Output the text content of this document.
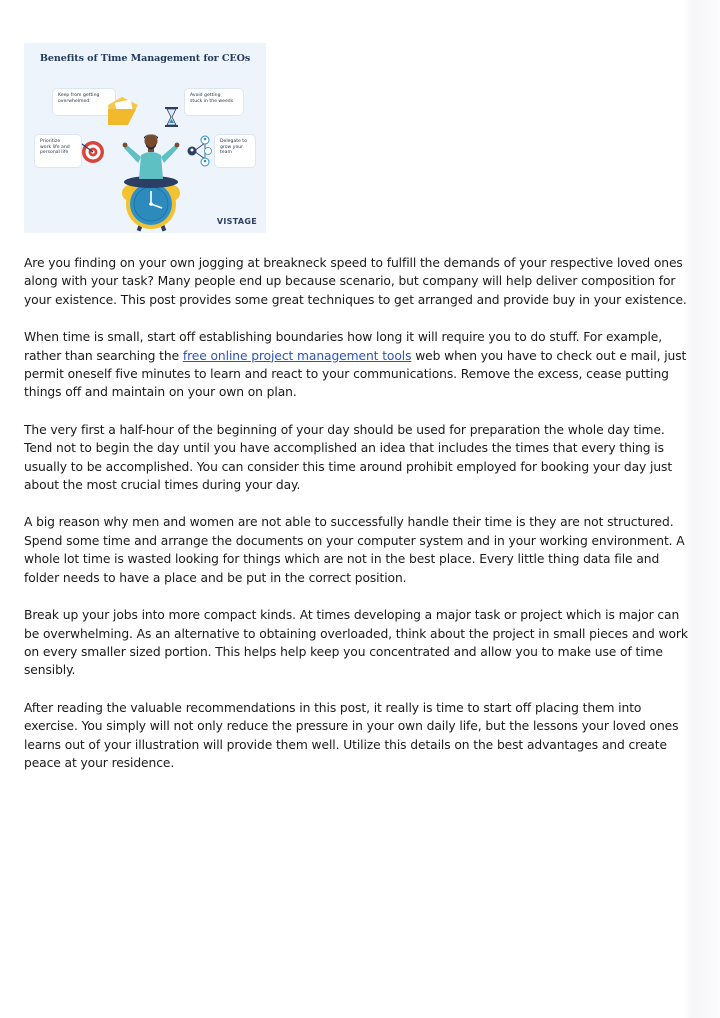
Benefits of Time Management for CEOs
Keep from getting
overwhelmed
Avoid getting
stuck in the weeds
Prioritize
work life and
personal life
Delegate to
grow your
team
VISTAGE

Are you finding on your own jogging at breakneck speed to fulfill the demands of your respective loved ones along with your task? Many people end up because scenario, but company will help deliver composition for your existence. This post provides some great techniques to get arranged and provide buy in your existence.

When time is small, start off establishing boundaries how long it will require you to do stuff. For example, rather than searching the free online project management tools web when you have to check out e mail, just permit oneself five minutes to learn and react to your communications. Remove the excess, cease putting things off and maintain on your own on plan.

The very first a half-hour of the beginning of your day should be used for preparation the whole day time. Tend not to begin the day until you have accomplished an idea that includes the times that every thing is usually to be accomplished. You can consider this time around prohibit employed for booking your day just about the most crucial times during your day.

A big reason why men and women are not able to successfully handle their time is they are not structured. Spend some time and arrange the documents on your computer system and in your working environment. A whole lot time is wasted looking for things which are not in the best place. Every little thing data file and folder needs to have a place and be put in the correct position.

Break up your jobs into more compact kinds. At times developing a major task or project which is major can be overwhelming. As an alternative to obtaining overloaded, think about the project in small pieces and work on every smaller sized portion. This helps help keep you concentrated and allow you to make use of time sensibly.

After reading the valuable recommendations in this post, it really is time to start off placing them into exercise. You simply will not only reduce the pressure in your own daily life, but the lessons your loved ones learns out of your illustration will provide them well. Utilize this details on the best advantages and create peace at your residence.
